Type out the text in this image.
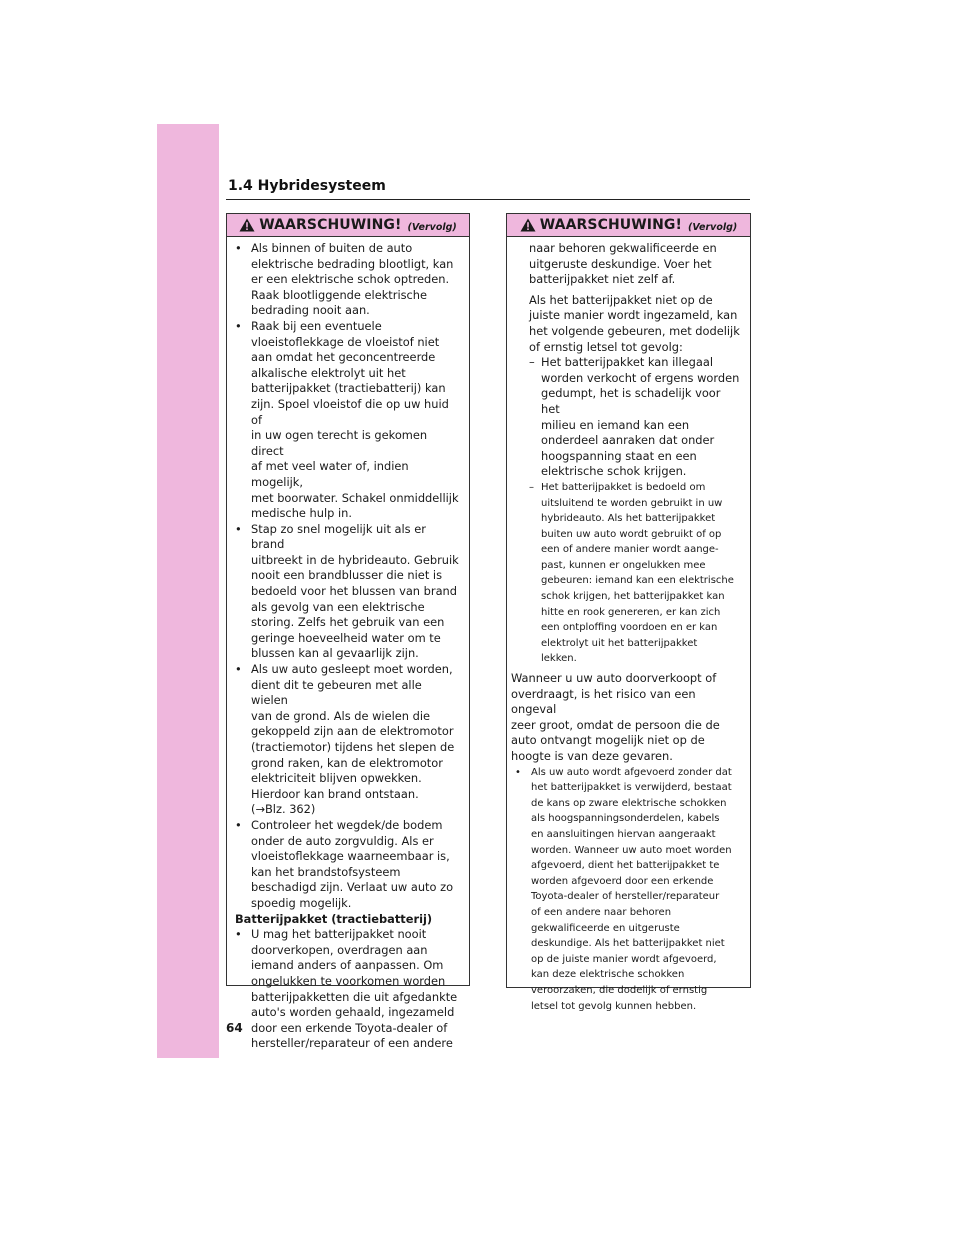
1.4 Hybridesysteem
WAARSCHUWING! (Vervolg)
• Als binnen of buiten de auto
elektrische bedrading blootligt, kan
er een elektrische schok optreden.
Raak blootliggende elektrische
bedrading nooit aan.
• Raak bij een eventuele
vloeistoflekkage de vloeistof niet
aan omdat het geconcentreerde
alkalische elektrolyt uit het
batterijpakket (tractiebatterij) kan
zijn. Spoel vloeistof die op uw huid of
in uw ogen terecht is gekomen direct
af met veel water of, indien mogelijk,
met boorwater. Schakel onmiddellijk
medische hulp in.
• Stap zo snel mogelijk uit als er brand
uitbreekt in de hybrideauto. Gebruik
nooit een brandblusser die niet is
bedoeld voor het blussen van brand
als gevolg van een elektrische
storing. Zelfs het gebruik van een
geringe hoeveelheid water om te
blussen kan al gevaarlijk zijn.
• Als uw auto gesleept moet worden,
dient dit te gebeuren met alle wielen
van de grond. Als de wielen die
gekoppeld zijn aan de elektromotor
(tractiemotor) tijdens het slepen de
grond raken, kan de elektromotor
elektriciteit blijven opwekken.
Hierdoor kan brand ontstaan.
(→Blz. 362)
• Controleer het wegdek/de bodem
onder de auto zorgvuldig. Als er
vloeistoflekkage waarneembaar is,
kan het brandstofsysteem
beschadigd zijn. Verlaat uw auto zo
spoedig mogelijk.
Batterijpakket (tractiebatterij)
• U mag het batterijpakket nooit
doorverkopen, overdragen aan
iemand anders of aanpassen. Om
ongelukken te voorkomen worden
batterijpakketten die uit afgedankte
auto's worden gehaald, ingezameld
door een erkende Toyota-dealer of
hersteller/reparateur of een andere
WAARSCHUWING! (Vervolg)
naar behoren gekwalificeerde en
uitgeruste deskundige. Voer het
batterijpakket niet zelf af.
Als het batterijpakket niet op de
juiste manier wordt ingezameld, kan
het volgende gebeuren, met dodelijk
of ernstig letsel tot gevolg:
– Het batterijpakket kan illegaal
worden verkocht of ergens worden
gedumpt, het is schadelijk voor het
milieu en iemand kan een
onderdeel aanraken dat onder
hoogspanning staat en een
elektrische schok krijgen.
– Het batterijpakket is bedoeld om
uitsluitend te worden gebruikt in uw
hybrideauto. Als het batterijpakket
buiten uw auto wordt gebruikt of op
een of andere manier wordt aange-
past, kunnen er ongelukken mee
gebeuren: iemand kan een elektrische
schok krijgen, het batterijpakket kan
hitte en rook genereren, er kan zich
een ontploffing voordoen en er kan
elektrolyt uit het batterijpakket
lekken.
Wanneer u uw auto doorverkoopt of
overdraagt, is het risico van een ongeval
zeer groot, omdat de persoon die de
auto ontvangt mogelijk niet op de
hoogte is van deze gevaren.
• Als uw auto wordt afgevoerd zonder dat
het batterijpakket is verwijderd, bestaat
de kans op zware elektrische schokken
als hoogspanningsonderdelen, kabels
en aansluitingen hiervan aangeraakt
worden. Wanneer uw auto moet worden
afgevoerd, dient het batterijpakket te
worden afgevoerd door een erkende
Toyota-dealer of hersteller/reparateur
of een andere naar behoren
gekwalificeerde en uitgeruste
deskundige. Als het batterijpakket niet
op de juiste manier wordt afgevoerd,
kan deze elektrische schokken
veroorzaken, die dodelijk of ernstig
letsel tot gevolg kunnen hebben.
64
